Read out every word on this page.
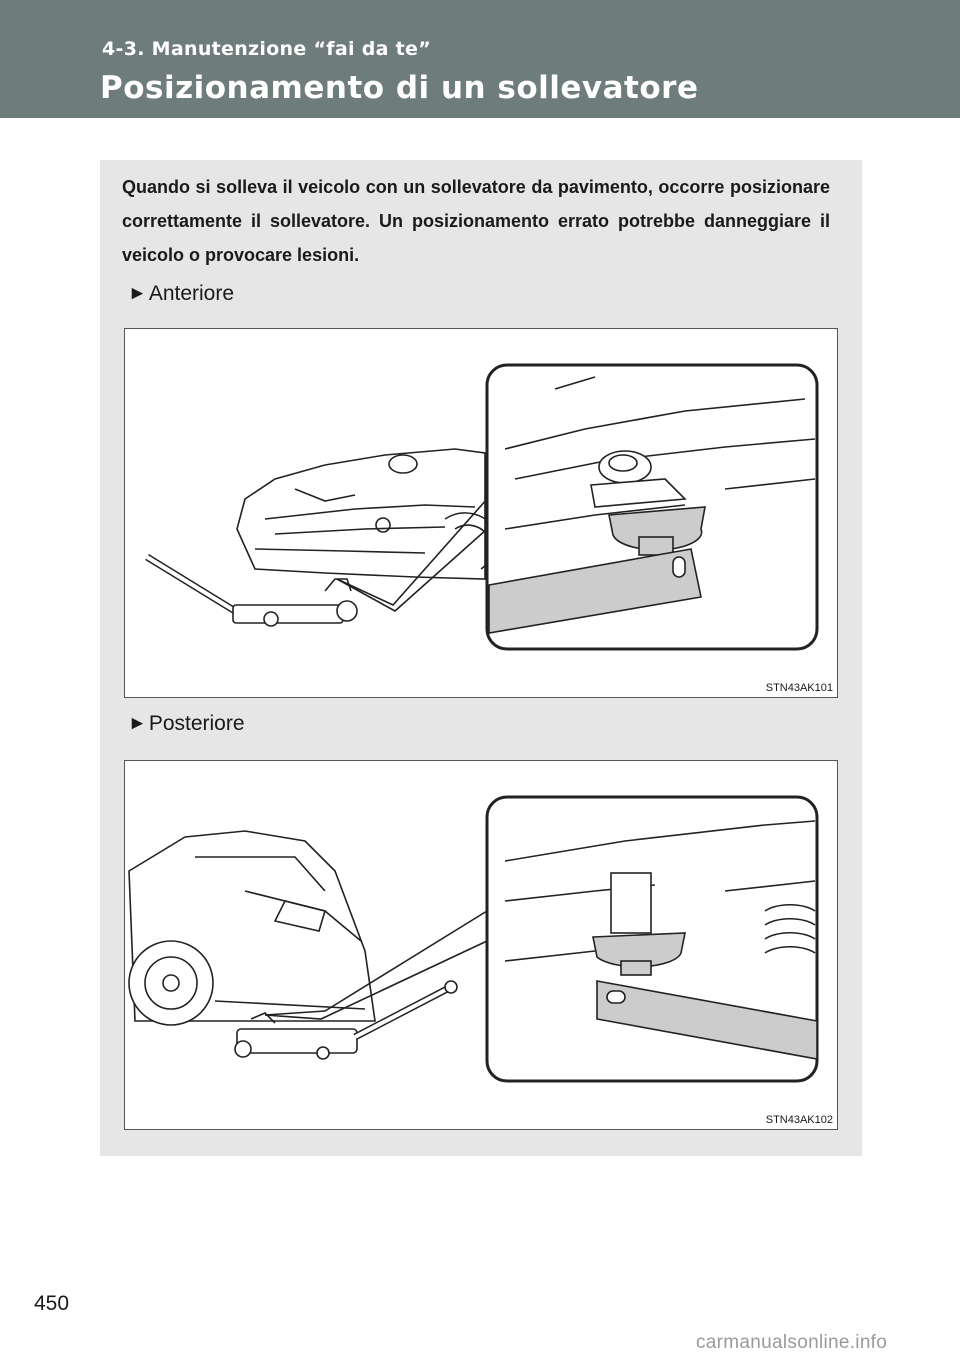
4-3. Manutenzione “fai da te”
Posizionamento di un sollevatore
Quando si solleva il veicolo con un sollevatore da pavimento, occorre posizionare correttamente il sollevatore. Un posizionamento errato potrebbe danneggiare il veicolo o provocare lesioni.
► Anteriore
STN43AK101
► Posteriore
STN43AK102
450
carmanualsonline.info
